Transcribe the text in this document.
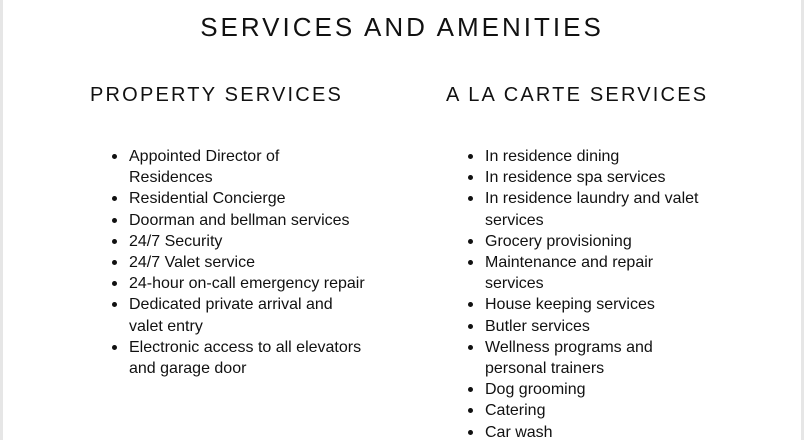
SERVICES AND AMENITIES
PROPERTY SERVICES
Appointed Director of Residences
Residential Concierge
Doorman and bellman services
24/7 Security
24/7 Valet service
24-hour on-call emergency repair
Dedicated private arrival and valet entry
Electronic access to all elevators and garage door
A LA CARTE SERVICES
In residence dining
In residence spa services
In residence laundry and valet services
Grocery provisioning
Maintenance and repair services
House keeping services
Butler services
Wellness programs and personal trainers
Dog grooming
Catering
Car wash
